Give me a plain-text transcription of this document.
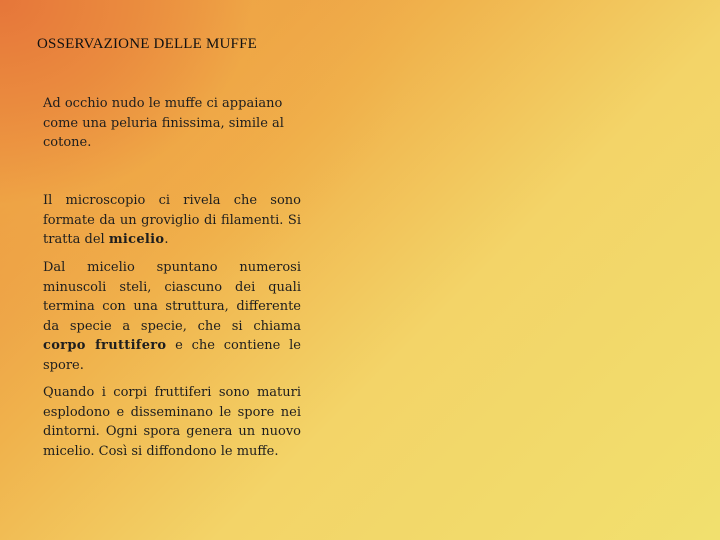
OSSERVAZIONE DELLE MUFFE

Ad occhio nudo le muffe ci appaiano come una peluria finissima, simile al cotone.

Il microscopio ci rivela che sono formate da un groviglio di filamenti. Si tratta del micelio.

Dal micelio spuntano numerosi minuscoli steli, ciascuno dei quali termina con una struttura, differente da specie a specie, che si chiama corpo fruttifero e che contiene le spore.

Quando i corpi fruttiferi sono maturi esplodono e disseminano le spore nei dintorni. Ogni spora genera un nuovo micelio. Così si diffondono le muffe.
